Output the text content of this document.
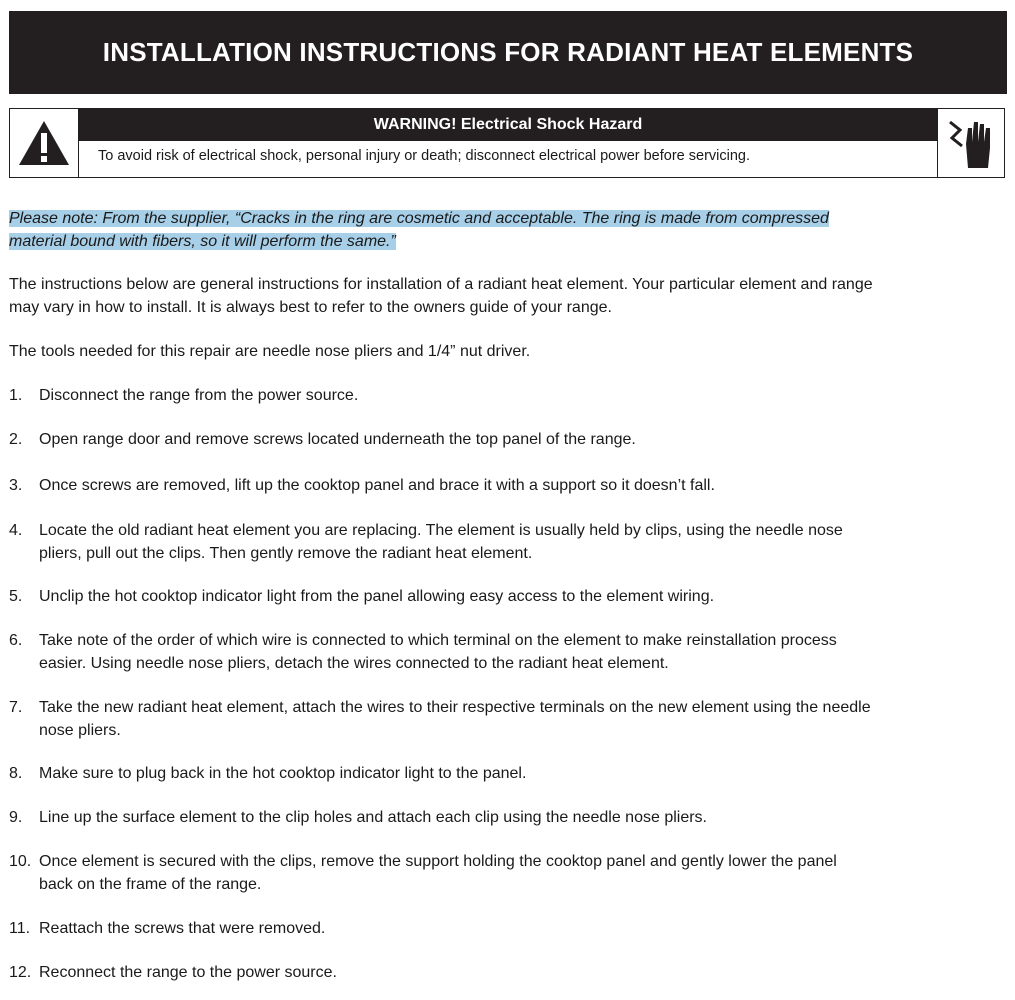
INSTALLATION INSTRUCTIONS FOR RADIANT HEAT ELEMENTS
WARNING! Electrical Shock Hazard
To avoid risk of electrical shock, personal injury or death; disconnect electrical power before servicing.
Please note: From the supplier, “Cracks in the ring are cosmetic and acceptable. The ring is made from compressed
material bound with fibers, so it will perform the same.”
The instructions below are general instructions for installation of a radiant heat element. Your particular element and range
may vary in how to install. It is always best to refer to the owners guide of your range.
The tools needed for this repair are needle nose pliers and 1/4” nut driver.
1. Disconnect the range from the power source.
2. Open range door and remove screws located underneath the top panel of the range.
3. Once screws are removed, lift up the cooktop panel and brace it with a support so it doesn’t fall.
4. Locate the old radiant heat element you are replacing. The element is usually held by clips, using the needle nose
pliers, pull out the clips. Then gently remove the radiant heat element.
5. Unclip the hot cooktop indicator light from the panel allowing easy access to the element wiring.
6. Take note of the order of which wire is connected to which terminal on the element to make reinstallation process
easier. Using needle nose pliers, detach the wires connected to the radiant heat element.
7. Take the new radiant heat element, attach the wires to their respective terminals on the new element using the needle
nose pliers.
8. Make sure to plug back in the hot cooktop indicator light to the panel.
9. Line up the surface element to the clip holes and attach each clip using the needle nose pliers.
10. Once element is secured with the clips, remove the support holding the cooktop panel and gently lower the panel
back on the frame of the range.
11. Reattach the screws that were removed.
12. Reconnect the range to the power source.
